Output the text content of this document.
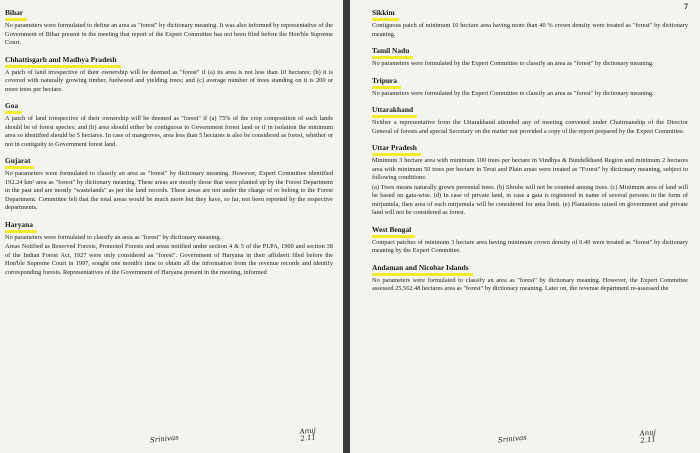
Bihar
No parameters were formulated to define an area as "forest" by dictionary meaning. It was also informed by representative of the Government of Bihar present in the meeting that report of the Expert Committee has not been filed before the Hon'ble Supreme Court.
Chhattisgarh and Madhya Pradesh
A patch of land irrespective of their ownership will be deemed as "forest" if (a) its area is not less than 10 hectares; (b) it is covered with naturally growing timber, fuelwood and yielding trees; and (c) average number of trees standing on it is 200 or more trees per hectare.
Goa
A patch of land irrespective of their ownership will be deemed as "forest" if (a) 75% of the crop composition of such lands should be of forest species; and (b) area should either be contiguous to Government forest land or if in isolation the minimum area so identified should be 5 hectares. In case of mangroves, area less than 5 hectares is also be considered as forest, whether or not in contiguity to Government forest land.
Gujarat
No parameters were formulated to classify an area as "forest" by dictionary meaning. However, Expert Committee identified 192.24 km² area as "forest" by dictionary meaning. These areas are mostly those that were planted up by the Forest Department in the past and are mostly "wastelands" as per the land records. These areas are not under the charge of or belong to the Forest Department. Committee felt that the total areas would be much more but they have, so far, not been reported by the respective departments.
Haryana
No parameters were formulated to classify an area as "forest" by dictionary meaning.
Areas Notified as Reserved Forests, Protected Forests and areas notified under section 4 & 5 of the PLPA, 1900 and section 38 of the Indian Forest Act, 1927 were only considered as "forest". Government of Haryana in their affidavit filed before the Hon'ble Supreme Court in 1997, sought one month's time to obtain all the information from the revenue records and identify corresponding forests. Representatives of the Government of Haryana present in the meeting, informed
7
Sikkim
Contiguous patch of minimum 10 hectare area having more than 40 % crown density were treated as "forest" by dictionary meaning.
Tamil Nadu
No parameters were formulated by the Expert Committee to classify an area as "forest" by dictionary meaning.
Tripura
No parameters were formulated by the Expert Committee to classify an area as "forest" by dictionary meaning.
Uttarakhand
Neither a representative from the Uttarakhand attended any of meeting convened under Chairmanship of the Director General of forests and special Secretary on the matter nor provided a copy of the report prepared by the Expert Committee.
Uttar Pradesh
Minimum 3 hectare area with minimum 100 trees per hectare in Vindhya & Bundelkhand Region and minimum 2 hectares area with minimum 50 trees per hectare in Terai and Plain areas were treated as "Forest" by dictionary meaning, subject to following conditions:
(a) Trees means naturally grown perennial trees. (b) Shrubs will not be counted among trees. (c) Minimum area of land will be based on gata-wise. (d) In case of private land, in case a gata is registered in name of several persons in the form of mirjumula, then area of each mirjumula will be considered for area limit. (e) Plantations raised on government and private land will not be considered as forest.
West Bengal
Compact patches of minimum 3 hectare area having minimum crown density of 0.40 were treated as "forest" by dictionary meaning by the Expert Committee.
Andaman and Nicobar Islands
No parameters were formulated to classify an area as "forest" by dictionary meaning. However, the Expert Committee assessed 25,562.48 hectares area as "forest" by dictionary meaning. Later on, the revenue department re-assessed the
Srinivas
Anuj
2.11	Srinivas
Anuj
2.11
